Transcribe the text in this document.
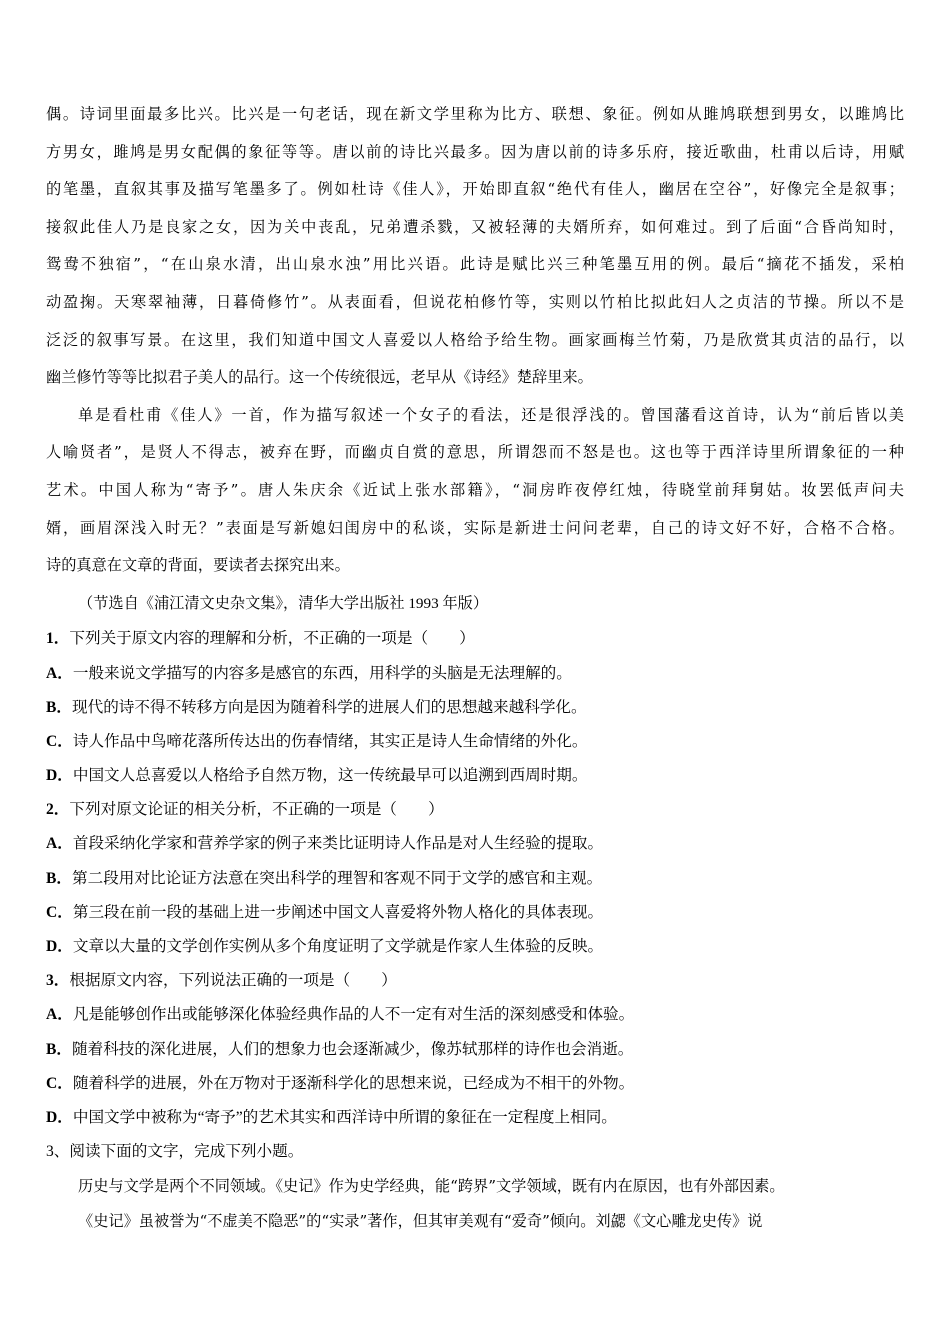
偶。诗词里面最多比兴。比兴是一句老话，现在新文学里称为比方、联想、象征。例如从雎鸠联想到男女，以雎鸠比
方男女，雎鸠是男女配偶的象征等等。唐以前的诗比兴最多。因为唐以前的诗多乐府，接近歌曲，杜甫以后诗，用赋
的笔墨，直叙其事及描写笔墨多了。例如杜诗《佳人》，开始即直叙“绝代有佳人，幽居在空谷”，好像完全是叙事；
接叙此佳人乃是良家之女，因为关中丧乱，兄弟遭杀戮，又被轻薄的夫婿所弃，如何难过。到了后面“合昏尚知时，
鸳鸯不独宿”，“在山泉水清，出山泉水浊”用比兴语。此诗是赋比兴三种笔墨互用的例。最后“摘花不插发，采柏
动盈掬。天寒翠袖薄，日暮倚修竹”。从表面看，但说花柏修竹等，实则以竹柏比拟此妇人之贞洁的节操。所以不是
泛泛的叙事写景。在这里，我们知道中国文人喜爱以人格给予给生物。画家画梅兰竹菊，乃是欣赏其贞洁的品行，以
幽兰修竹等等比拟君子美人的品行。这一个传统很远，老早从《诗经》楚辞里来。
单是看杜甫《佳人》一首，作为描写叙述一个女子的看法，还是很浮浅的。曾国藩看这首诗，认为“前后皆以美
人喻贤者”，是贤人不得志，被弃在野，而幽贞自赏的意思，所谓怨而不怒是也。这也等于西洋诗里所谓象征的一种
艺术。中国人称为“寄予”。唐人朱庆余《近试上张水部籍》，“洞房昨夜停红烛，待晓堂前拜舅姑。妆罢低声问夫
婿，画眉深浅入时无？”表面是写新媳妇闺房中的私谈，实际是新进士问问老辈，自己的诗文好不好，合格不合格。
诗的真意在文章的背面，要读者去探究出来。
（节选自《浦江清文史杂文集》，清华大学出版社 1993 年版）
1．下列关于原文内容的理解和分析，不正确的一项是（　　）
A．一般来说文学描写的内容多是感官的东西，用科学的头脑是无法理解的。
B．现代的诗不得不转移方向是因为随着科学的进展人们的思想越来越科学化。
C．诗人作品中鸟啼花落所传达出的伤春情绪，其实正是诗人生命情绪的外化。
D．中国文人总喜爱以人格给予自然万物，这一传统最早可以追溯到西周时期。
2．下列对原文论证的相关分析，不正确的一项是（　　）
A．首段采纳化学家和营养学家的例子来类比证明诗人作品是对人生经验的提取。
B．第二段用对比论证方法意在突出科学的理智和客观不同于文学的感官和主观。
C．第三段在前一段的基础上进一步阐述中国文人喜爱将外物人格化的具体表现。
D．文章以大量的文学创作实例从多个角度证明了文学就是作家人生体验的反映。
3．根据原文内容，下列说法正确的一项是（　　）
A．凡是能够创作出或能够深化体验经典作品的人不一定有对生活的深刻感受和体验。
B．随着科技的深化进展，人们的想象力也会逐渐减少，像苏轼那样的诗作也会消逝。
C．随着科学的进展，外在万物对于逐渐科学化的思想来说，已经成为不相干的外物。
D．中国文学中被称为“寄予”的艺术其实和西洋诗中所谓的象征在一定程度上相同。
3、阅读下面的文字，完成下列小题。
历史与文学是两个不同领域。《史记》作为史学经典，能“跨界”文学领域，既有内在原因，也有外部因素。
《史记》虽被誉为“不虚美不隐恶”的“实录”著作，但其审美观有“爱奇”倾向。刘勰《文心雕龙史传》说
